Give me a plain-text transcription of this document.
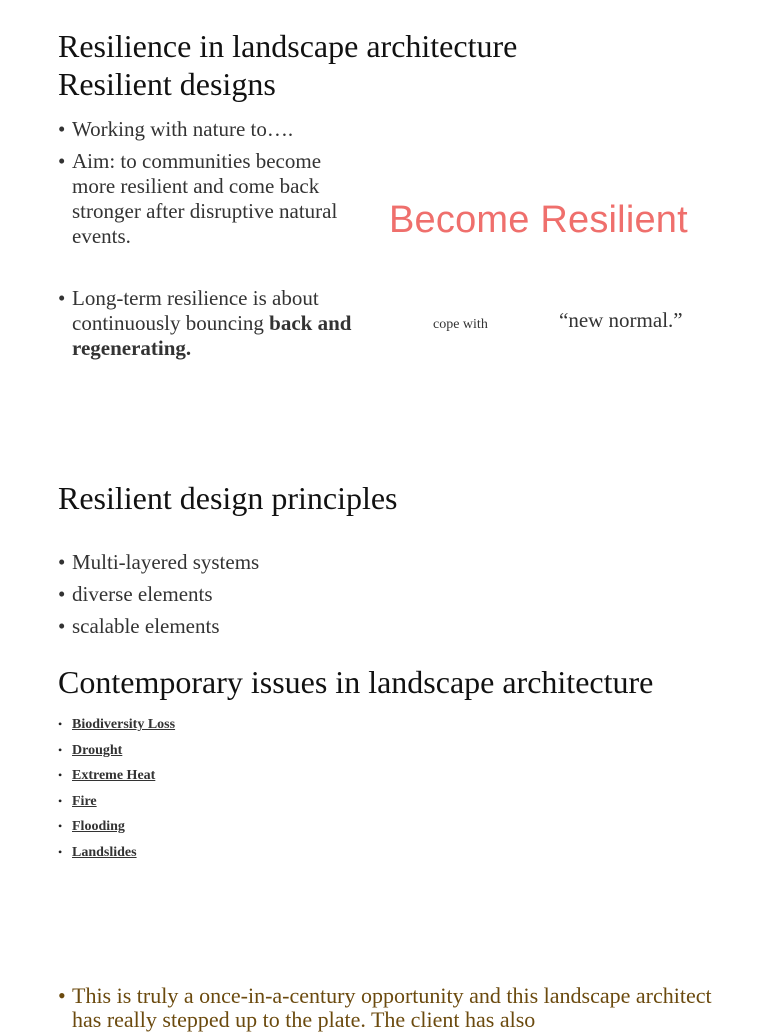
Resilience in landscape architecture
Resilient designs
• Working with nature to….
• Aim: to communities become more resilient and come back stronger after disruptive natural events.
• Long-term resilience is about continuously bouncing back and regenerating.
Become Resilient
cope with	“new normal.”
Resilient design principles
• Multi-layered systems
• diverse elements
• scalable elements
Contemporary issues in landscape architecture
• Biodiversity Loss
• Drought
• Extreme Heat
• Fire
• Flooding
• Landslides
• This is truly a once-in-a-century opportunity and this landscape architect has really stepped up to the plate. The client has also
